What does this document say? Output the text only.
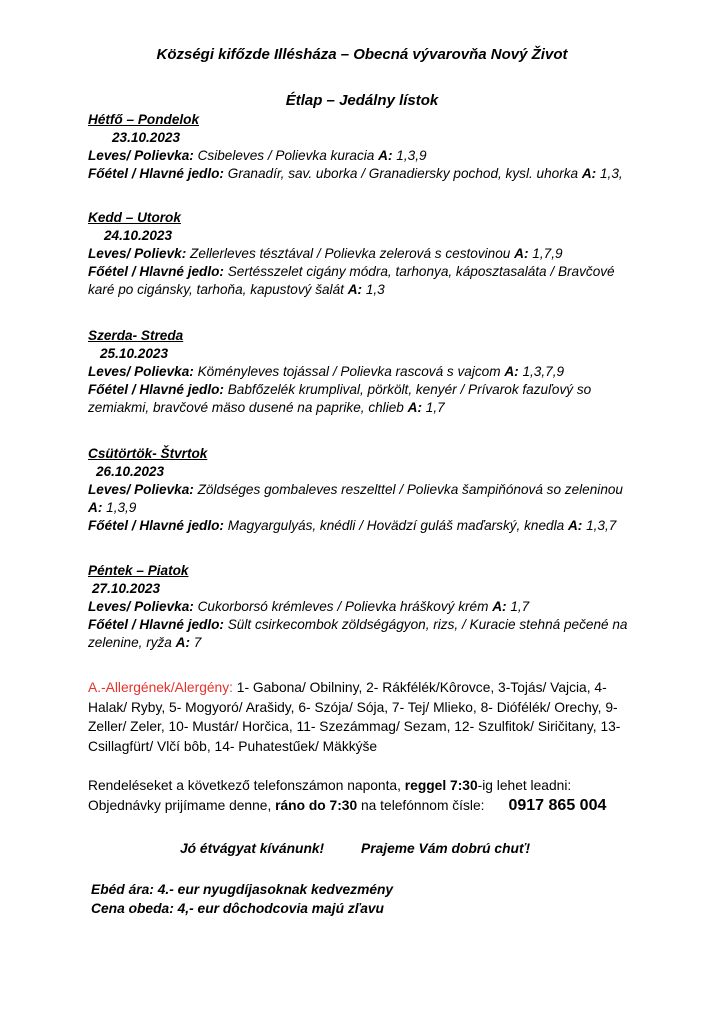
Községi kifőzde Illésháza – Obecná vývarovňa Nový Život
Étlap – Jedálny lístok
Hétfő – Pondelok
23.10.2023
Leves/ Polievka: Csibeleves / Polievka kuracia A: 1,3,9
Főétel / Hlavné jedlo: Granadír, sav. uborka / Granadiersky pochod, kysl. uhorka A: 1,3,
Kedd – Utorok
24.10.2023
Leves/ Polievk: Zellerleves tésztával / Polievka zelerová s cestovinou A: 1,7,9
Főétel / Hlavné jedlo: Sertésszelet cigány módra, tarhonya, káposztasaláta / Bravčové karé po cigánsky, tarhoňa, kapustový šalát A: 1,3
Szerda- Streda
25.10.2023
Leves/ Polievka: Köményleves tojással / Polievka rascová s vajcom A: 1,3,7,9
Főétel / Hlavné jedlo: Babfőzelék krumplival, pörkölt, kenyér / Prívarok fazuľový so zemiakmi, bravčové mäso dusené na paprike, chlieb A: 1,7
Csütörtök- Štvrtok
26.10.2023
Leves/ Polievka: Zöldséges gombaleves reszelttel / Polievka šampiňónová so zeleninou A: 1,3,9
Főétel / Hlavné jedlo: Magyargulyás, knédli / Hovädzí guláš maďarský, knedla A: 1,3,7
Péntek – Piatok
27.10.2023
Leves/ Polievka: Cukorborsó krémleves / Polievka hráškový krém A: 1,7
Főétel / Hlavné jedlo: Sült csirkecombok zöldségágyon, rizs, / Kuracie stehná pečené na zelenine, ryža A: 7
A.-Allergének/Alergény: 1- Gabona/ Obilniny, 2- Rákfélék/Kôrovce, 3-Tojás/ Vajcia, 4- Halak/ Ryby, 5- Mogyoró/ Arašidy, 6- Szója/ Sója, 7- Tej/ Mlieko, 8- Diófélék/ Orechy, 9- Zeller/ Zeler, 10- Mustár/ Horčica, 11- Szezámmag/ Sezam, 12- Szulfitok/ Siričitany, 13- Csillagfürt/ Vlčí bôb, 14- Puhatestűek/ Mäkkýše
Rendeléseket a következő telefonszámon naponta, reggel 7:30-ig lehet leadni:
Objednávky prijímame denne, ráno do 7:30 na telefónnom čísle: 0917 865 004
Jó étvágyat kívánunk!	Prajeme Vám dobrú chuť!
Ebéd ára: 4.- eur nyugdíjasoknak kedvezmény
Cena obeda: 4,- eur dôchodcovia majú zľavu
